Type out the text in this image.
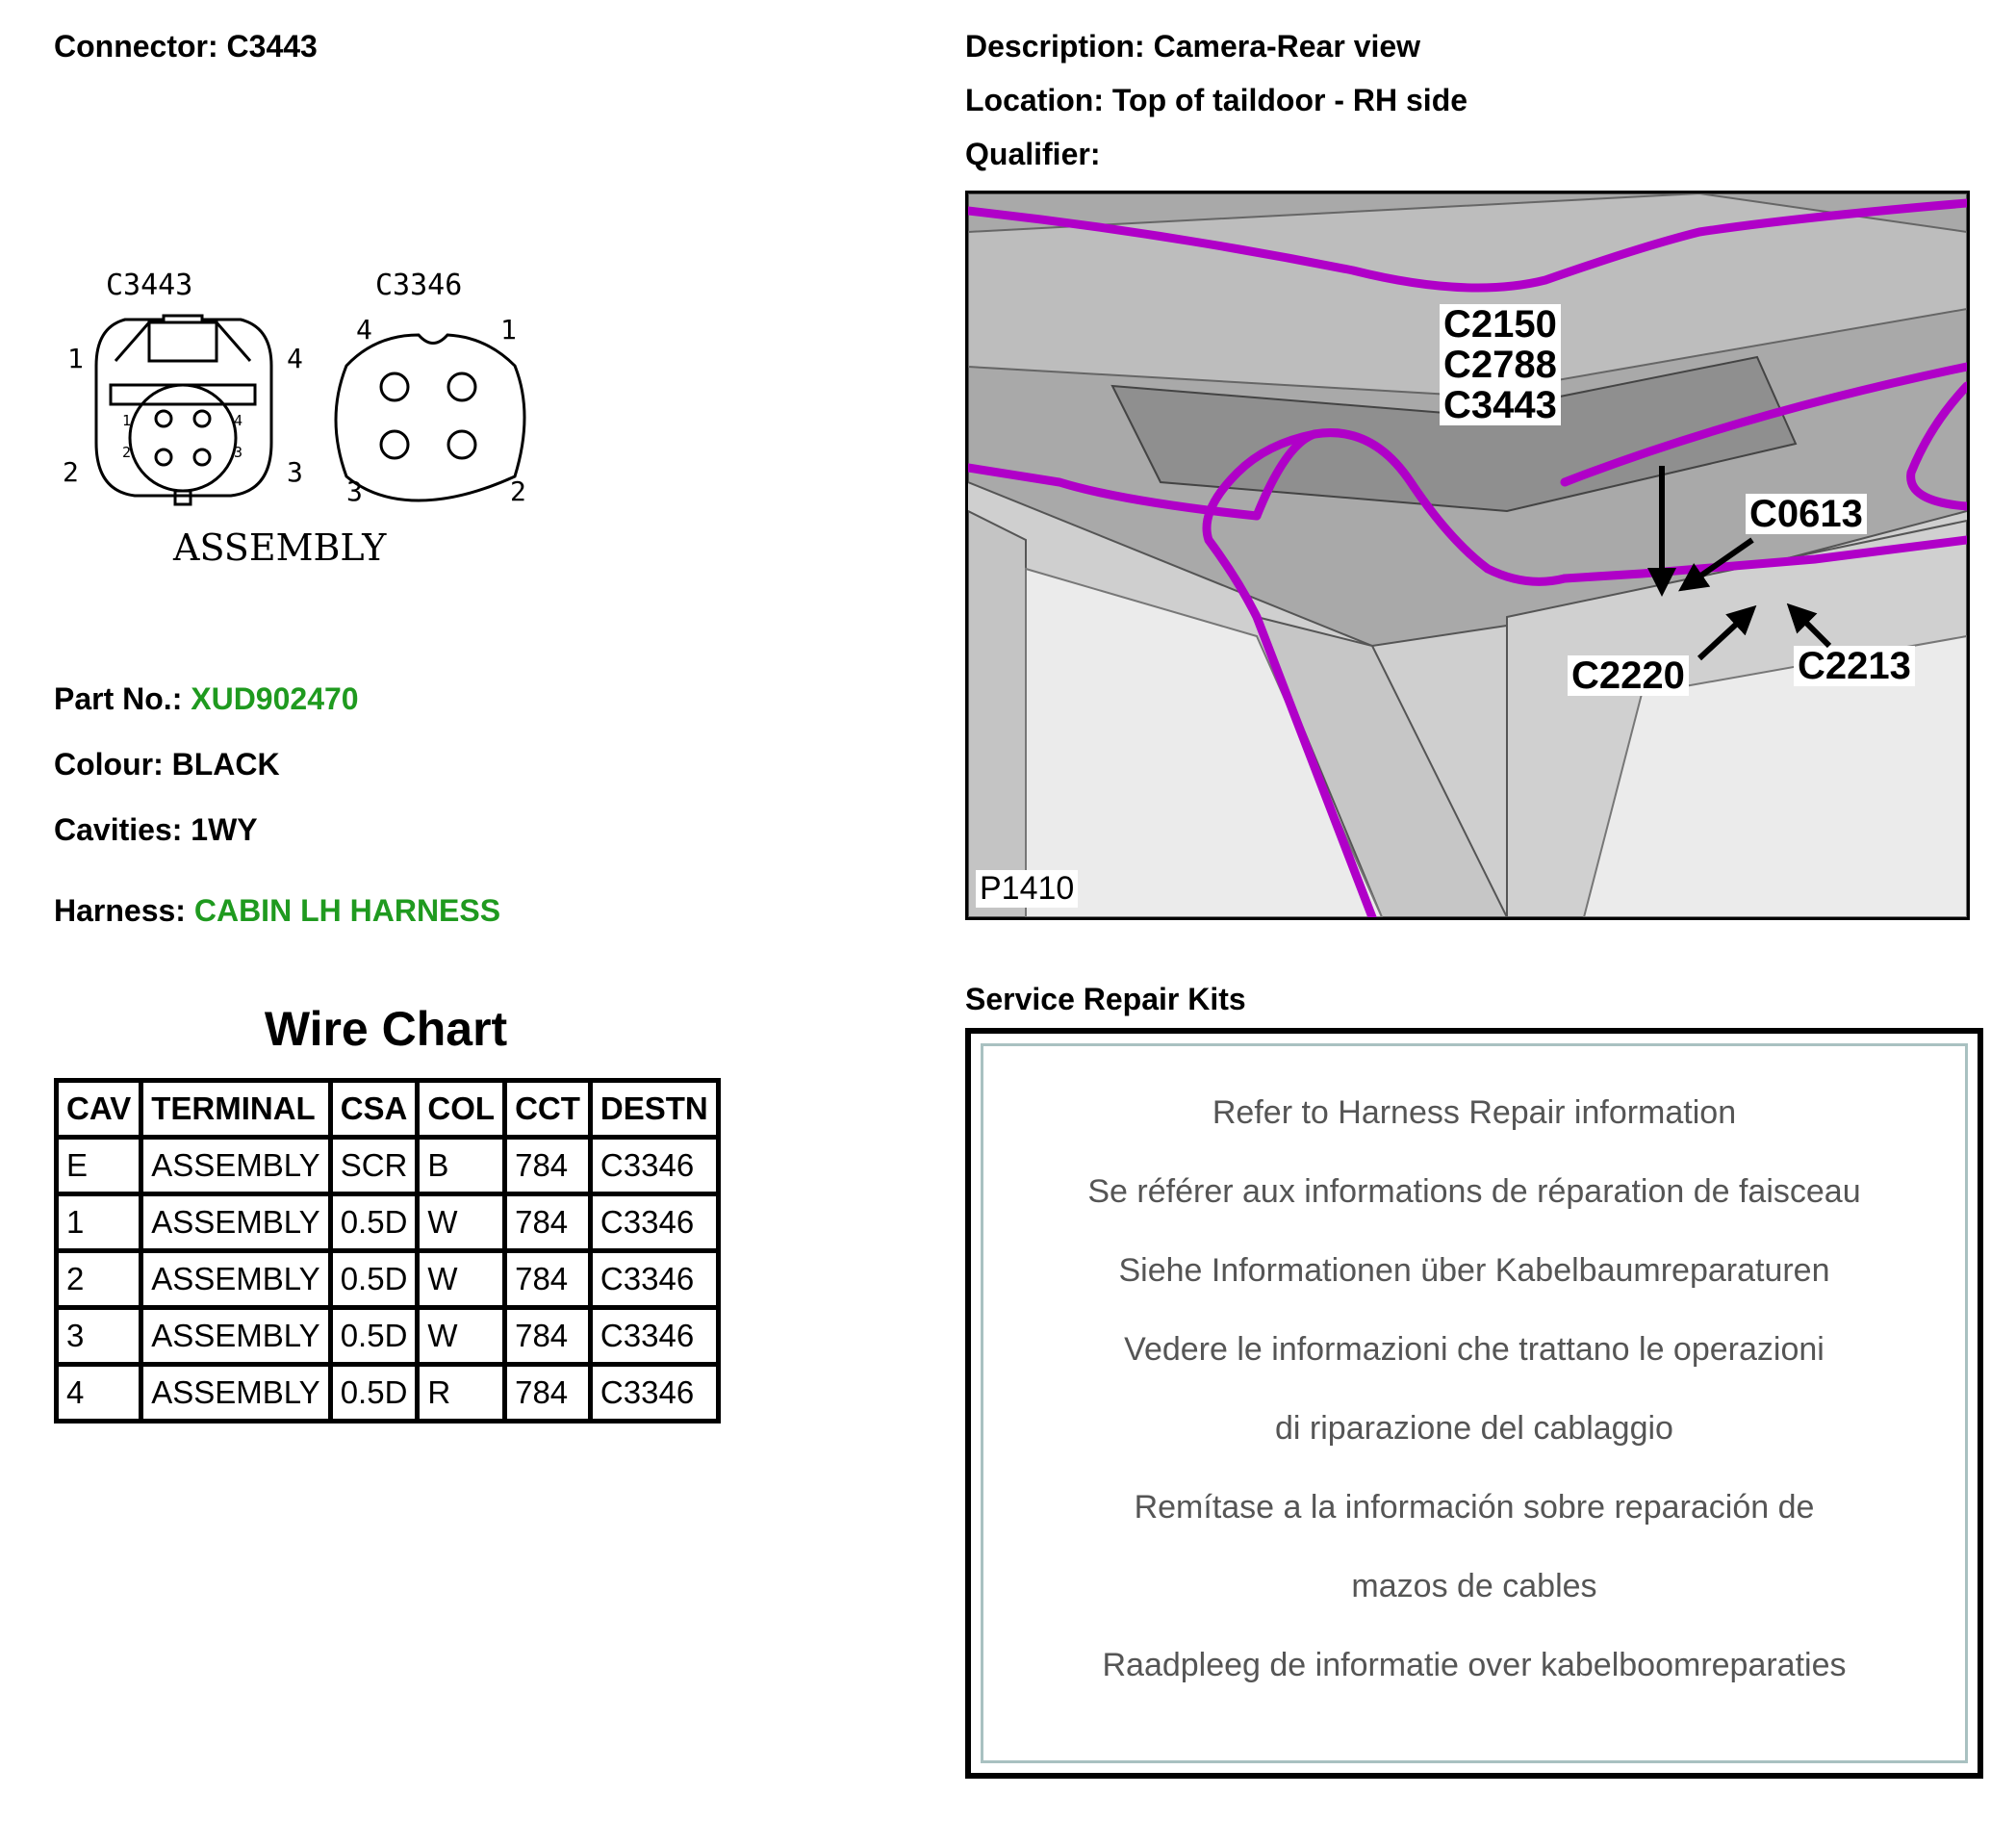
Connector: C3443	Description: Camera-Rear view
Location: Top of taildoor - RH side
Qualifier:
C3443	C3346
1
2	3
4
1
2	3
4
1
2
3
4
ASSEMBLY
Part No.: XUD902470
Colour: BLACK
Cavities: 1WY
Harness: CABIN LH HARNESS
Wire Chart
CAV	TERMINAL	CSA	COL	CCT	DESTN
E	ASSEMBLY	SCR	B	784	C3346
1	ASSEMBLY	0.5D	W	784	C3346
2	ASSEMBLY	0.5D	W	784	C3346
3	ASSEMBLY	0.5D	W	784	C3346
4	ASSEMBLY	0.5D	R	784	C3346
C2150
C2788
C3443
C0613
C2220	C2213
P1410
Service Repair Kits
Refer to Harness Repair information
Se référer aux informations de réparation de faisceau
Siehe Informationen über Kabelbaumreparaturen
Vedere le informazioni che trattano le operazioni
di riparazione del cablaggio
Remítase a la información sobre reparación de
mazos de cables
Raadpleeg de informatie over kabelboomreparaties
